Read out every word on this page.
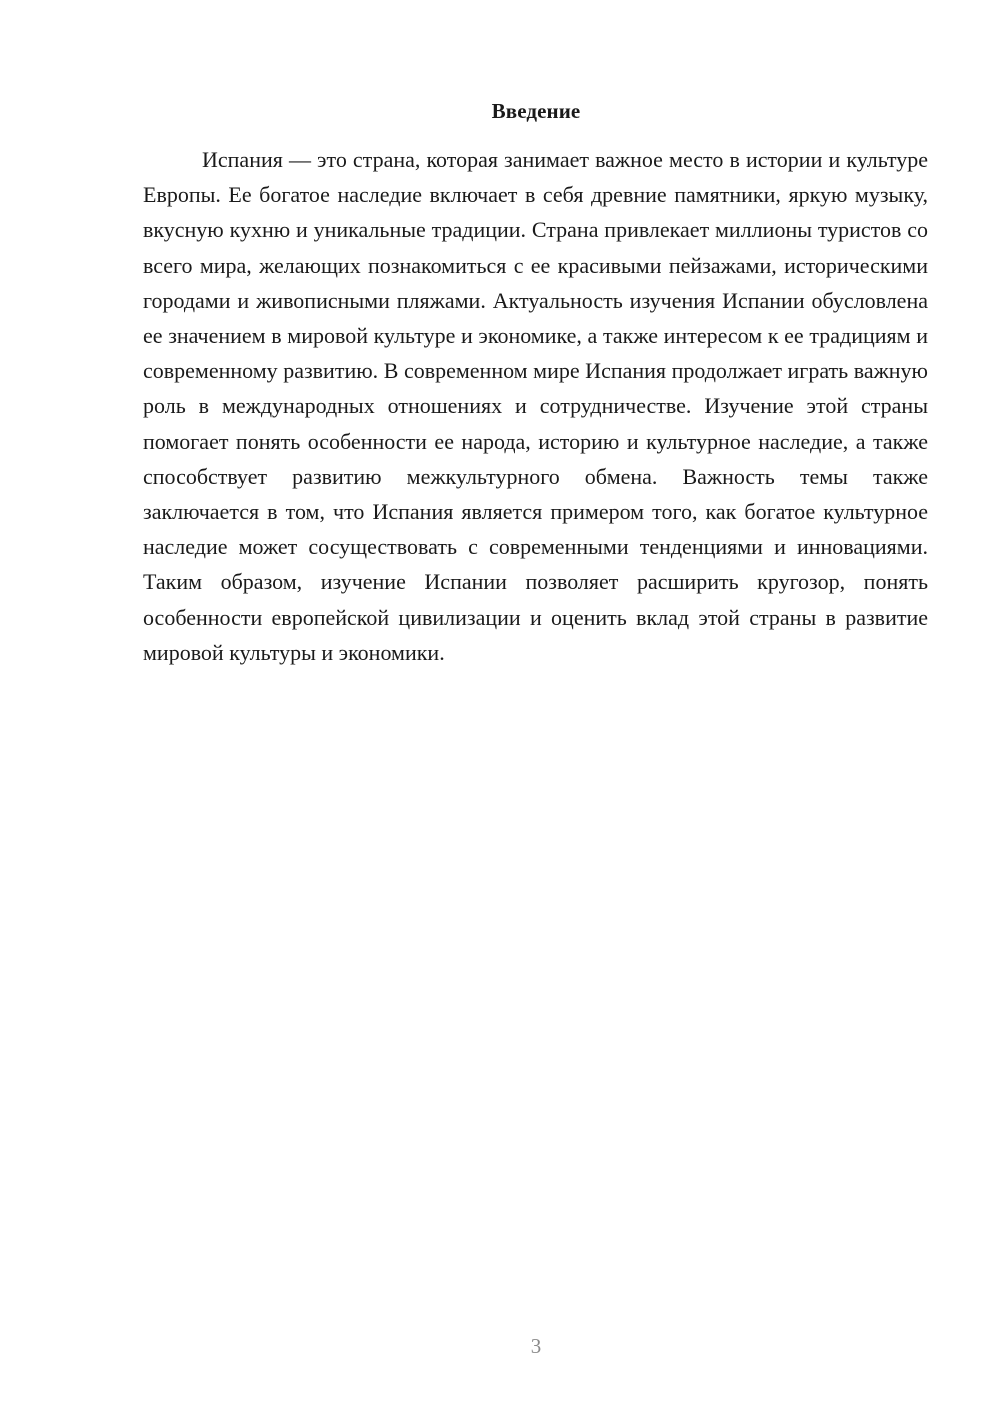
Введение

Испания — это страна, которая занимает важное место в истории и культуре Европы. Ее богатое наследие включает в себя древние памятники, яркую музыку, вкусную кухню и уникальные традиции. Страна привлекает миллионы туристов со всего мира, желающих познакомиться с ее красивыми пейзажами, историческими городами и живописными пляжами. Актуальность изучения Испании обусловлена ее значением в мировой культуре и экономике, а также интересом к ее традициям и современному развитию. В современном мире Испания продолжает играть важную роль в международных отношениях и сотрудничестве. Изучение этой страны помогает понять особенности ее народа, историю и культурное наследие, а также способствует развитию межкультурного обмена. Важность темы также заключается в том, что Испания является примером того, как богатое культурное наследие может сосуществовать с современными тенденциями и инновациями. Таким образом, изучение Испании позволяет расширить кругозор, понять особенности европейской цивилизации и оценить вклад этой страны в развитие мировой культуры и экономики.

3
